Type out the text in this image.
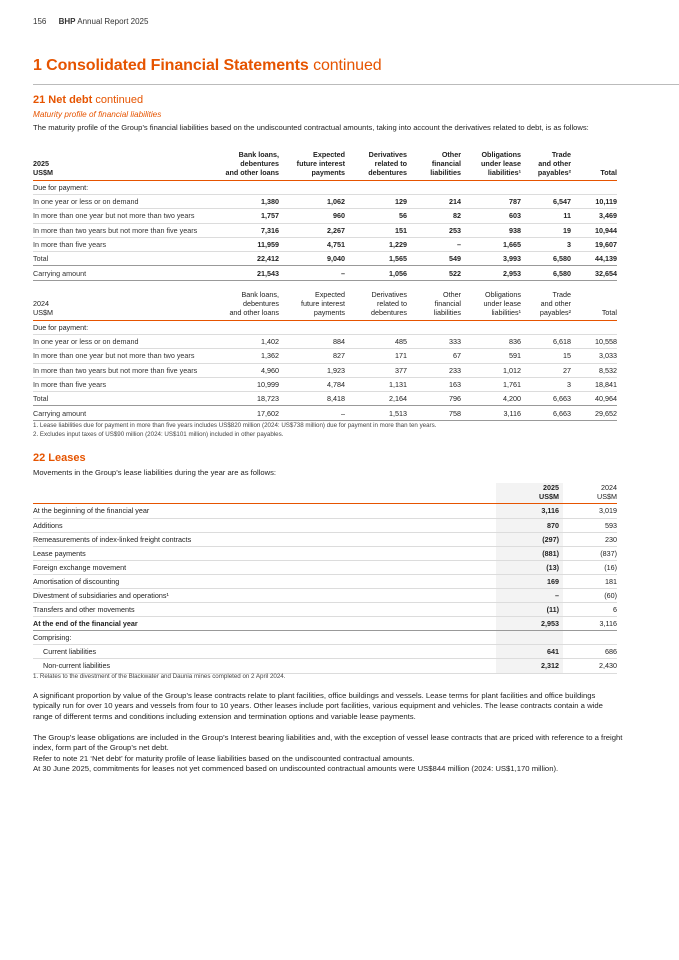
156 BHP Annual Report 2025
1 Consolidated Financial Statements continued
21 Net debt continued
Maturity profile of financial liabilities
The maturity profile of the Group’s financial liabilities based on the undiscounted contractual amounts, taking into account the derivatives related to debt, is as follows:
2025
US$M	Bank loans,
debentures
and other loans	Expected
future interest
payments	Derivatives
related to
debentures	Other
financial
liabilities	Obligations
under lease
liabilities¹	Trade
and other
payables²	Total
Due for payment:							
In one year or less or on demand	1,380	1,062	129	214	787	6,547	10,119
In more than one year but not more than two years	1,757	960	56	82	603	11	3,469
In more than two years but not more than five years	7,316	2,267	151	253	938	19	10,944
In more than five years	11,959	4,751	1,229	–	1,665	3	19,607
Total	22,412	9,040	1,565	549	3,993	6,580	44,139
Carrying amount	21,543	–	1,056	522	2,953	6,580	32,654
2024
US$M	Bank loans,
debentures
and other loans	Expected
future interest
payments	Derivatives
related to
debentures	Other
financial
liabilities	Obligations
under lease
liabilities¹	Trade
and other
payables²	Total
Due for payment:							
In one year or less or on demand	1,402	884	485	333	836	6,618	10,558
In more than one year but not more than two years	1,362	827	171	67	591	15	3,033
In more than two years but not more than five years	4,960	1,923	377	233	1,012	27	8,532
In more than five years	10,999	4,784	1,131	163	1,761	3	18,841
Total	18,723	8,418	2,164	796	4,200	6,663	40,964
Carrying amount	17,602	–	1,513	758	3,116	6,663	29,652
1. Lease liabilities due for payment in more than five years includes US$820 million (2024: US$738 million) due for payment in more than ten years.
2. Excludes input taxes of US$90 million (2024: US$101 million) included in other payables.
22 Leases
Movements in the Group’s lease liabilities during the year are as follows:
	2025
US$M	2024
US$M
At the beginning of the financial year	3,116	3,019
Additions	870	593
Remeasurements of index-linked freight contracts	(297)	230
Lease payments	(881)	(837)
Foreign exchange movement	(13)	(16)
Amortisation of discounting	169	181
Divestment of subsidiaries and operations¹	–	(60)
Transfers and other movements	(11)	6
At the end of the financial year	2,953	3,116
Comprising:		
Current liabilities	641	686
Non-current liabilities	2,312	2,430
1. Relates to the divestment of the Blackwater and Daunia mines completed on 2 April 2024.
A significant proportion by value of the Group’s lease contracts relate to plant facilities, office buildings and vessels. Lease terms for plant facilities and office buildings typically run for over 10 years and vessels from four to 10 years. Other leases include port facilities, various equipment and vehicles. The lease contracts contain a wide range of different terms and conditions including extension and termination options and variable lease payments.
The Group’s lease obligations are included in the Group’s Interest bearing liabilities and, with the exception of vessel lease contracts that are priced with reference to a freight index, form part of the Group’s net debt.
Refer to note 21 ‘Net debt’ for maturity profile of lease liabilities based on the undiscounted contractual amounts.
At 30 June 2025, commitments for leases not yet commenced based on undiscounted contractual amounts were US$844 million (2024: US$1,170 million).
